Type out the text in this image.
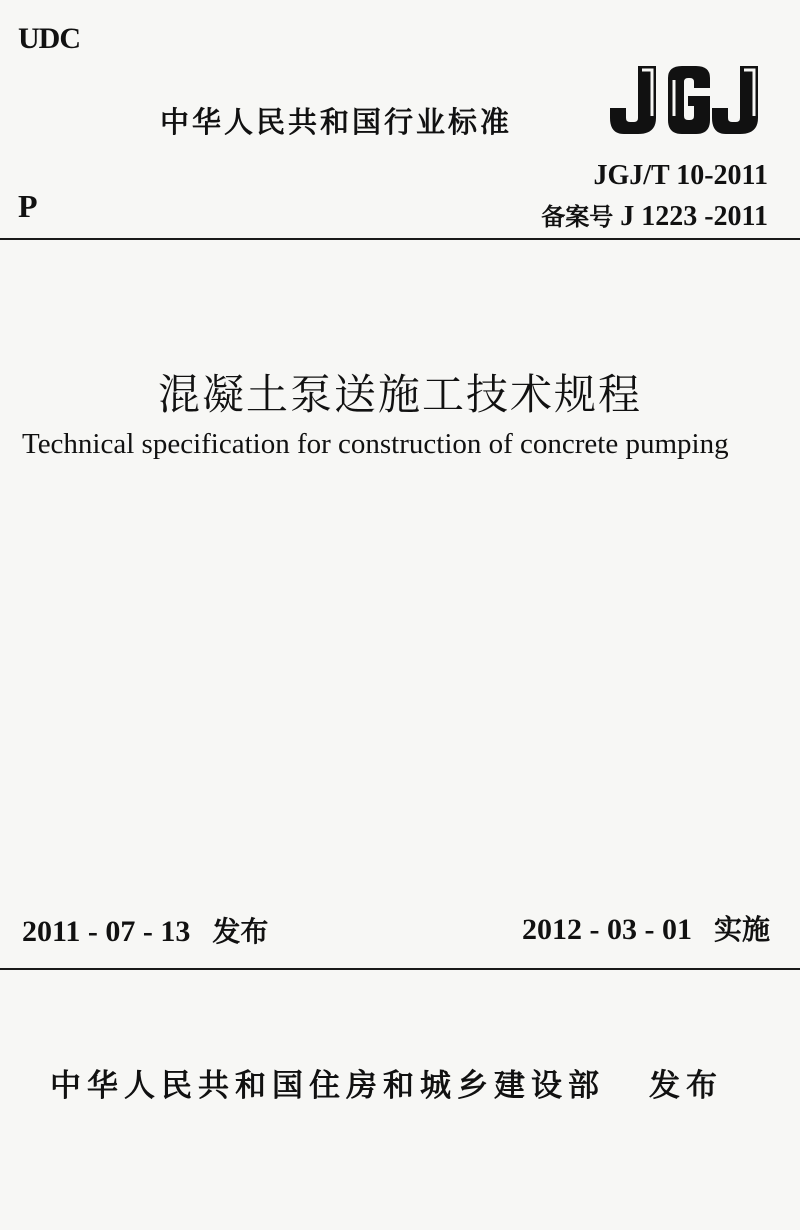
UDC
中华人民共和国行业标准
JGJ
JGJ/T 10-2011
备案号 J 1223 -2011
P
混凝土泵送施工技术规程
Technical specification for construction of concrete pumping
2011 - 07 - 13 发布	2012 - 03 - 01 实施
中华人民共和国住房和城乡建设部 发布
